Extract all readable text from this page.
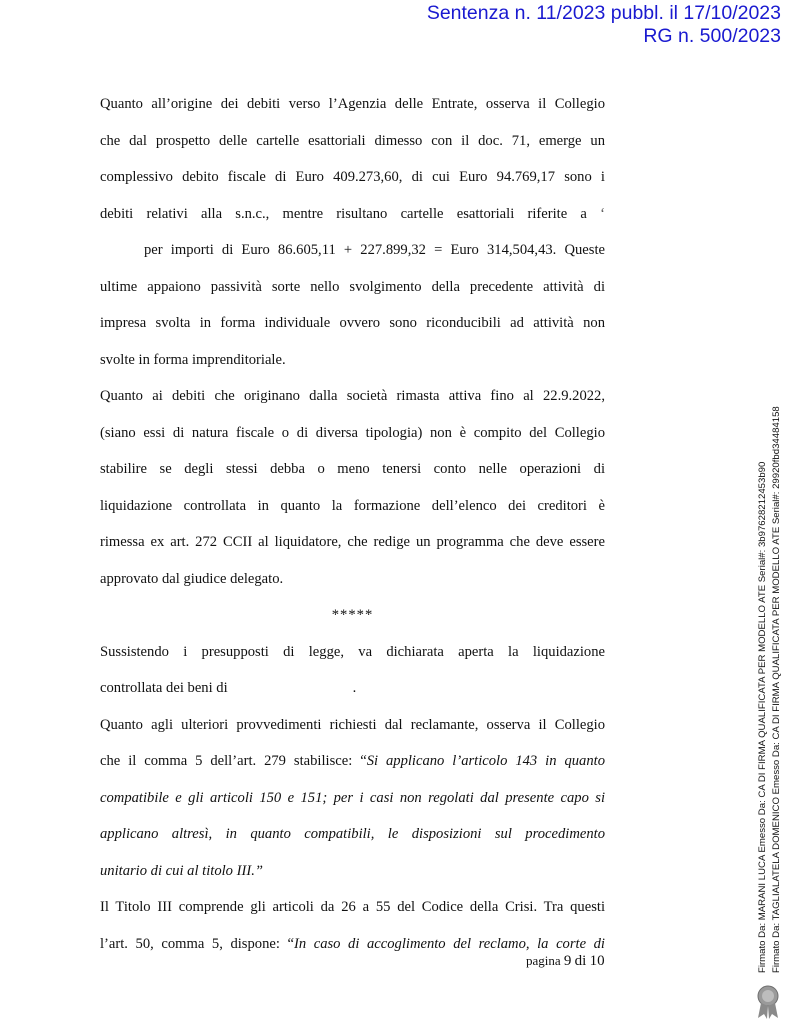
Sentenza n. 11/2023 pubbl. il 17/10/2023
RG n. 500/2023

Quanto all’origine dei debiti verso l’Agenzia delle Entrate, osserva il Collegio
che dal prospetto delle cartelle esattoriali dimesso con il doc. 71, emerge un
complessivo debito fiscale di Euro 409.273,60, di cui Euro 94.769,17 sono i
debiti relativi alla s.n.c., mentre risultano cartelle esattoriali riferite a ‘
per importi di Euro 86.605,11 + 227.899,32 = Euro 314,504,43. Queste
ultime appaiono passività sorte nello svolgimento della precedente attività di
impresa svolta in forma individuale ovvero sono riconducibili ad attività non
svolte in forma imprenditoriale.

Quanto ai debiti che originano dalla società rimasta attiva fino al 22.9.2022,
(siano essi di natura fiscale o di diversa tipologia) non è compito del Collegio
stabilire se degli stessi debba o meno tenersi conto nelle operazioni di
liquidazione controllata in quanto la formazione dell’elenco dei creditori è
rimessa ex art. 272 CCII al liquidatore, che redige un programma che deve essere
approvato dal giudice delegato.

*****

Sussistendo i presupposti di legge, va dichiarata aperta la liquidazione
controllata dei beni di	.

Quanto agli ulteriori provvedimenti richiesti dal reclamante, osserva il Collegio
che il comma 5 dell’art. 279 stabilisce: “Si applicano l’articolo 143 in quanto
compatibile e gli articoli 150 e 151; per i casi non regolati dal presente capo si
applicano altresì, in quanto compatibili, le disposizioni sul procedimento
unitario di cui al titolo III.”

Il Titolo III comprende gli articoli da 26 a 55 del Codice della Crisi. Tra questi
l’art. 50, comma 5, dispone: “In caso di accoglimento del reclamo, la corte di

pagina 9 di 10	Firmato Da: MARANI LUCA Emesso Da: CA DI FIRMA QUALIFICATA PER MODELLO ATE Serial#: 3b97628212453b90 Firmato Da: TAGLIALATELA DOMENICO Emesso Da: CA DI FIRMA QUALIFICATA PER MODELLO ATE Serial#: 29920fbd34484158
